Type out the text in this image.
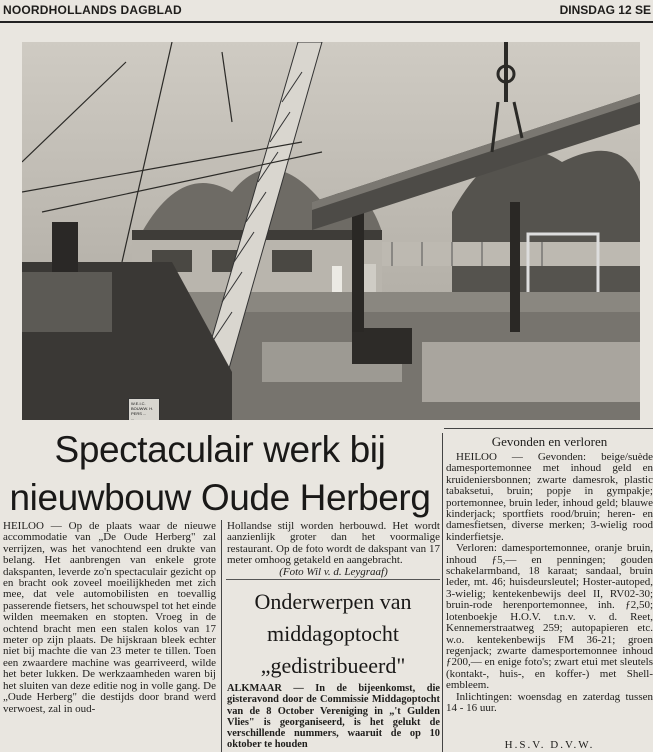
NOORDHOLLANDS DAGBLAD	DINSDAG 12 SE
W.E.I.C.
BOUWW. H.
PERS ...
...
Spectaculair werk bij
nieuwbouw Oude Herberg

HEILOO — Op de plaats waar de nieuwe accommodatie van „De Oude Herberg" zal verrijzen, was het vanochtend een drukte van belang. Het aanbrengen van enkele grote dakspanten, leverde zo'n spectaculair gezicht op en bracht ook zoveel moeilijkheden met zich mee, dat vele automobilisten en toevallig passerende fietsers, het schouwspel tot het einde wilden meemaken en stopten. Vroeg in de ochtend bracht men een stalen kolos van 17 meter op zijn plaats. De hijskraan bleek echter niet bij machte die van 23 meter te tillen. Toen een zwaardere machine was gearriveerd, wilde het beter lukken. De werkzaamheden waren bij het sluiten van deze editie nog in volle gang. De „Oude Herberg" die destijds door brand werd verwoest, zal in oud-

Hollandse stijl worden herbouwd. Het wordt aanzienlijk groter dan het voormalige restaurant. Op de foto wordt de dakspant van 17 meter omhoog getakeld en aangebracht.

(Foto Wil v. d. Leygraaf)
Onderwerpen van
middagoptocht
„gedistribueerd"

ALKMAAR — In de bijeenkomst, die gisteravond door de Commissie Middagoptocht van de 8 October Vereniging in „'t Gulden Vlies" is georganiseerd, is het gelukt de verschillende nummers, waaruit de op 10 oktober te houden

Gevonden en verloren

HEILOO — Gevonden: beige/suède damesportemonnee met inhoud geld en kruideniersbonnen; zwarte damesrok, plastic tabaksetui, bruin; popje in gympakje; portemonnee, bruin leder, inhoud geld; blauwe kinderjack; sportfiets rood/bruin; heren- en damesfietsen, diverse merken; 3-wielig rood kinderfietsje.

Verloren: damesportemonnee, oranje bruin, inhoud ƒ5,— en penningen; gouden schakelarmband, 18 karaat; sandaal, bruin leder, mt. 46; huisdeursleutel; Hoster-autoped, 3-wielig; kentekenbewijs deel II, RV02-30; bruin-rode herenportemonnee, inh. ƒ2,50; lotenboekje H.O.V. t.n.v. v. d. Reet, Kennemerstraatweg 259; autopapieren etc. w.o. kentekenbewijs FM 36-21; groen regenjack; zwarte damesportemonnee inhoud ƒ200,— en enige foto's; zwart etui met sleutels (kontakt-, huis-, en koffer-) met Shell-embleem.

Inlichtingen: woensdag en zaterdag tussen 14 - 16 uur.

H.S.V. D.V.W.
